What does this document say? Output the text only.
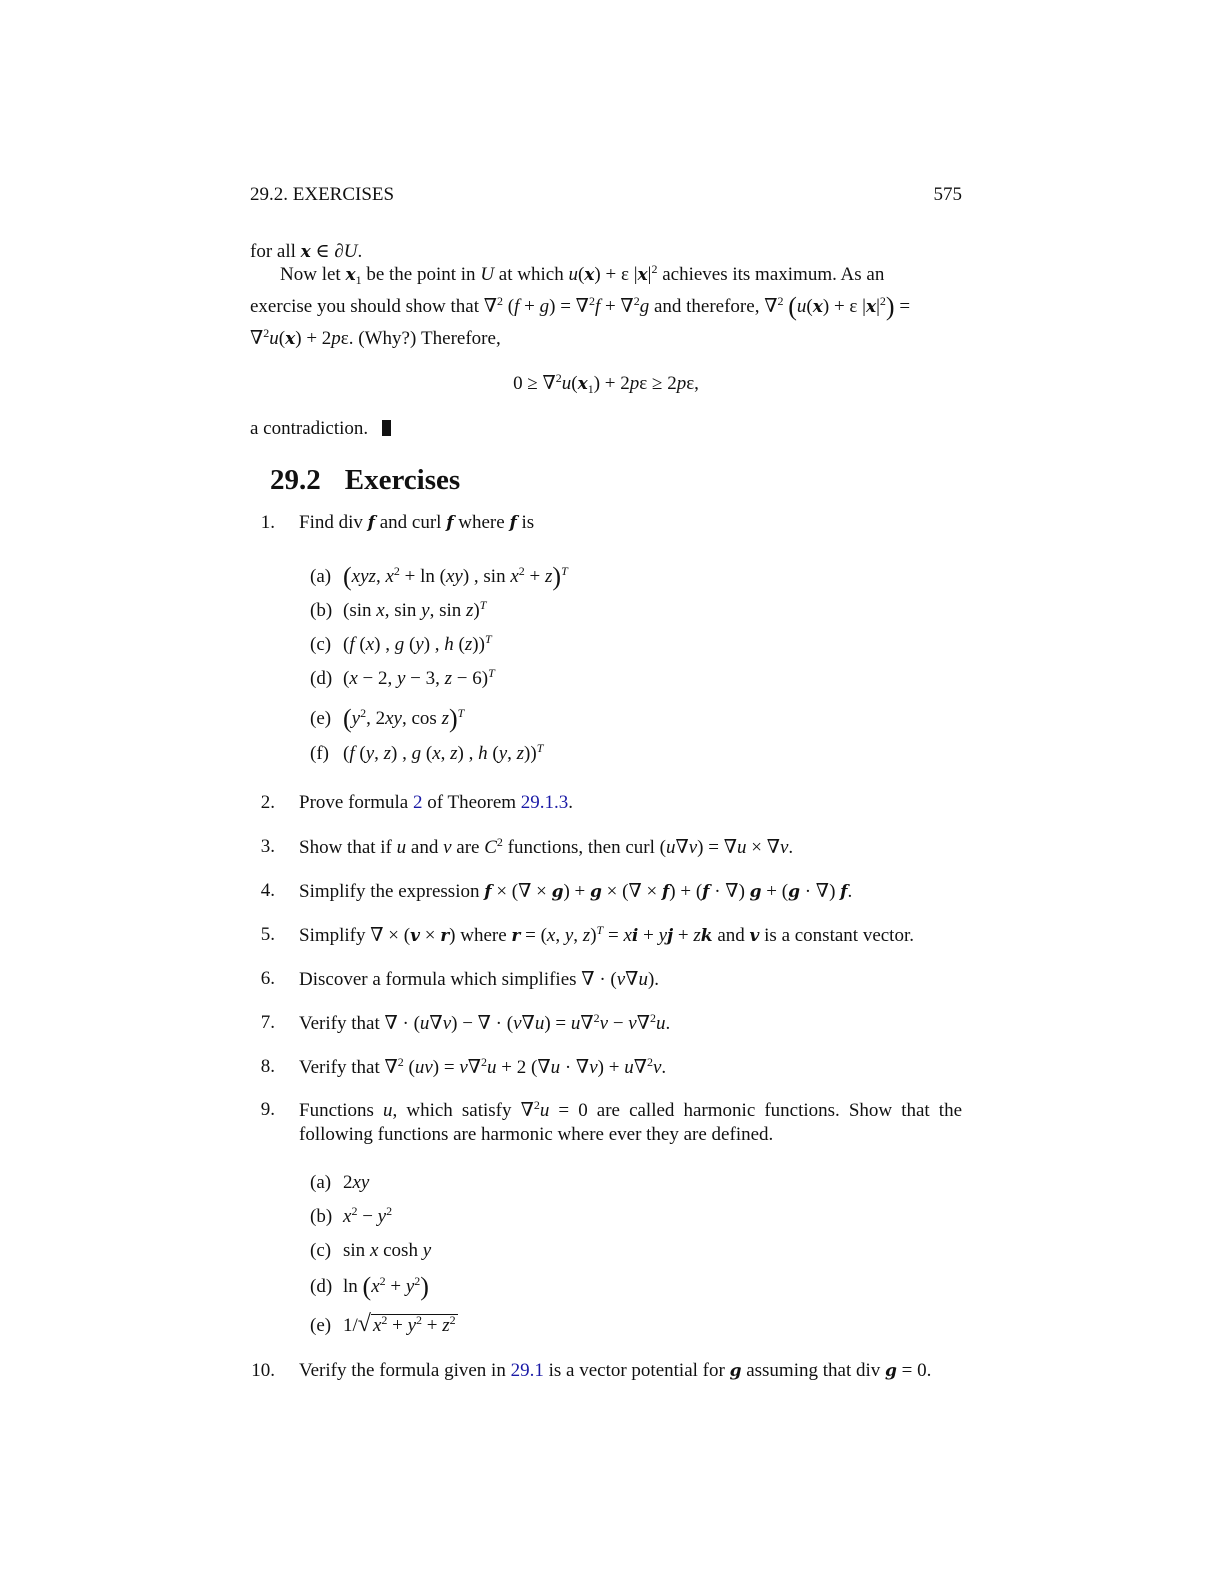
29.2. EXERCISES	575
for all x ∈ ∂U.
Now let $x_1$ be the point in U at which u(x) + ε $|x|^2$ achieves its maximum. As an
exercise you should show that ∇$^2$ (f + g) = ∇$^2$f + ∇$^2$g and therefore, ∇$^2$ (u(x) + ε $|x|^2$) =
∇$^2$u(x) + 2pε. (Why?) Therefore,
$0 \ge \nabla^2u(x_1) + 2p\varepsilon \ge 2p\varepsilon$,
a contradiction.
29.2 Exercises
1. Find div f and curl f where f is
(a) (xyz, $x^2 + \ln (xy)$ , $\sin x^2 + z)^T$
(b) (sin x, sin y, sin z)$^T$
(c) (f (x) , g (y) , h (z))$^T$
(d) (x − 2, y − 3, z − 6)$^T$
(e) ($y^2$, 2xy, cos z)$^T$
(f) (f (y, z) , g (x, z) , h (y, z))$^T$
2. Prove formula 2 of Theorem 29.1.3.
3. Show that if u and v are $C^2$ functions, then curl (u∇v) = ∇u × ∇v.
4. Simplify the expression f × (∇ × g) + g × (∇ × f) + (f · ∇) g + (g · ∇) f.
5. Simplify ∇ × (v × r) where r = (x, y, z)$^T$ = xi + yj + zk and v is a constant vector.
6. Discover a formula which simplifies ∇ · (v∇u).
7. Verify that ∇ · (u∇v) − ∇ · (v∇u) = u∇$^2$v − v∇$^2$u.
8. Verify that ∇$^2$ (uv) = v∇$^2$u + 2 (∇u · ∇v) + u∇$^2$v.
9. Functions u, which satisfy ∇$^2$u = 0 are called harmonic functions. Show that the following functions are harmonic where ever they are defined.
(a) 2xy
(b) $x^2 - y^2$
(c) sin x cosh y
(d) $\ln (x^2 + y^2)$
(e) 1/√ $x^2 + y^2 + z^2$
10. Verify the formula given in 29.1 is a vector potential for g assuming that div g = 0.
